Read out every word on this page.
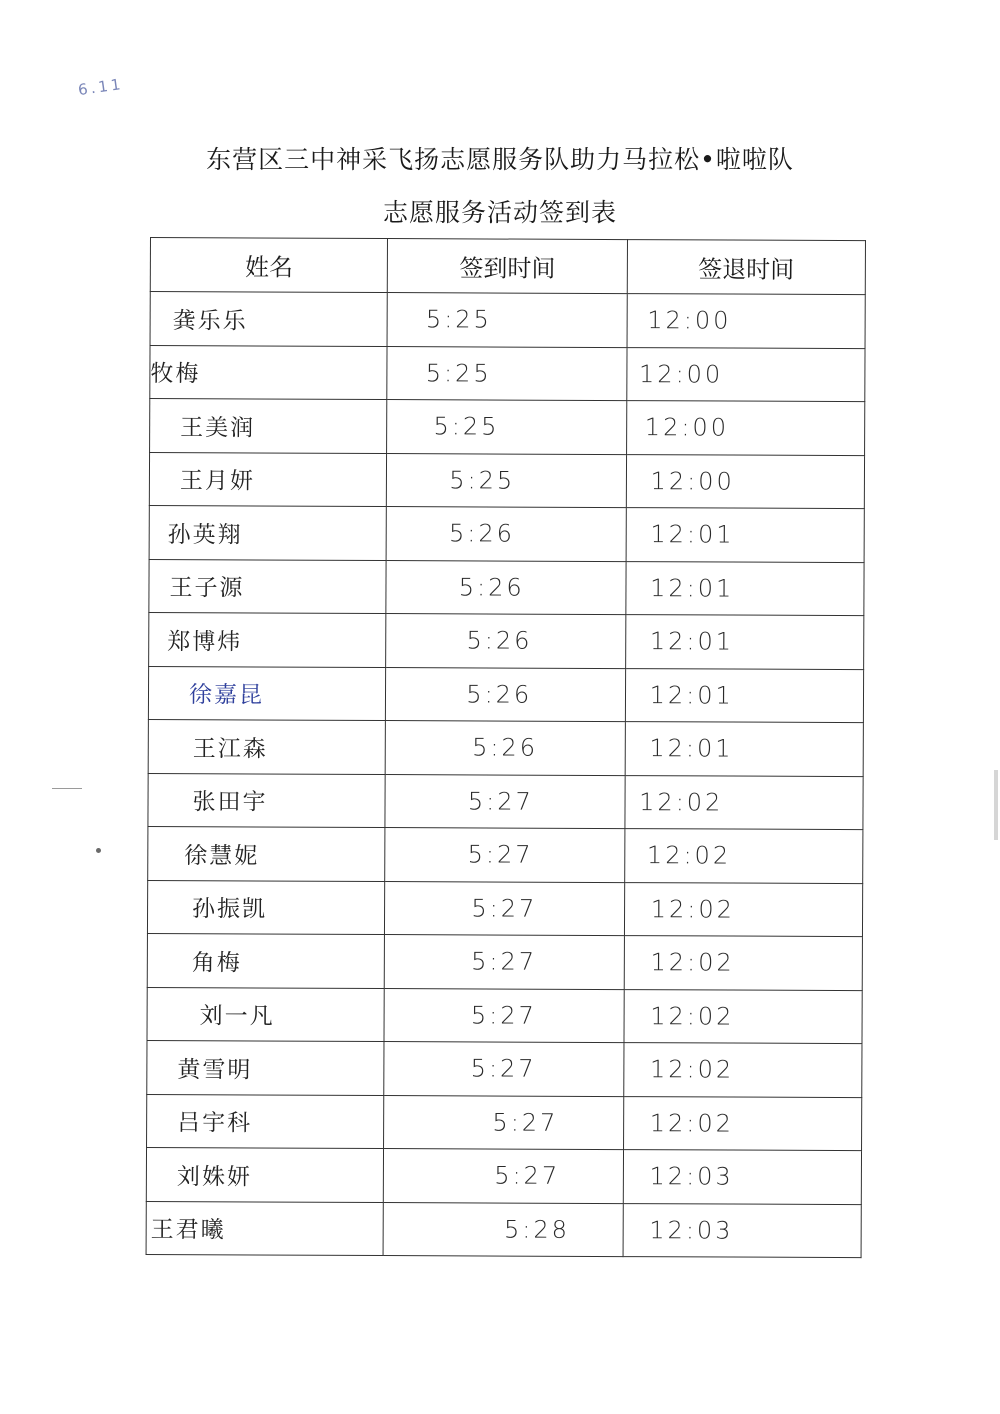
6.11
东营区三中神采飞扬志愿服务队助力马拉松•啦啦队
志愿服务活动签到表
姓名	签到时间	签退时间
龚乐乐	5:25	12:00
牧梅	5:25	12:00
王美润	5:25	12:00
王月妍	5:25	12:00
孙英翔	5:26	12:01
王子源	5:26	12:01
郑博炜	5:26	12:01
徐嘉昆	5:26	12:01
王江森	5:26	12:01
张田宇	5:27	12:02
徐慧妮	5:27	12:02
孙振凯	5:27	12:02
角梅	5:27	12:02
刘一凡	5:27	12:02
黄雪明	5:27	12:02
吕宇科	5:27	12:02
刘姝妍	5:27	12:03
王君曦	5:28	12:03
